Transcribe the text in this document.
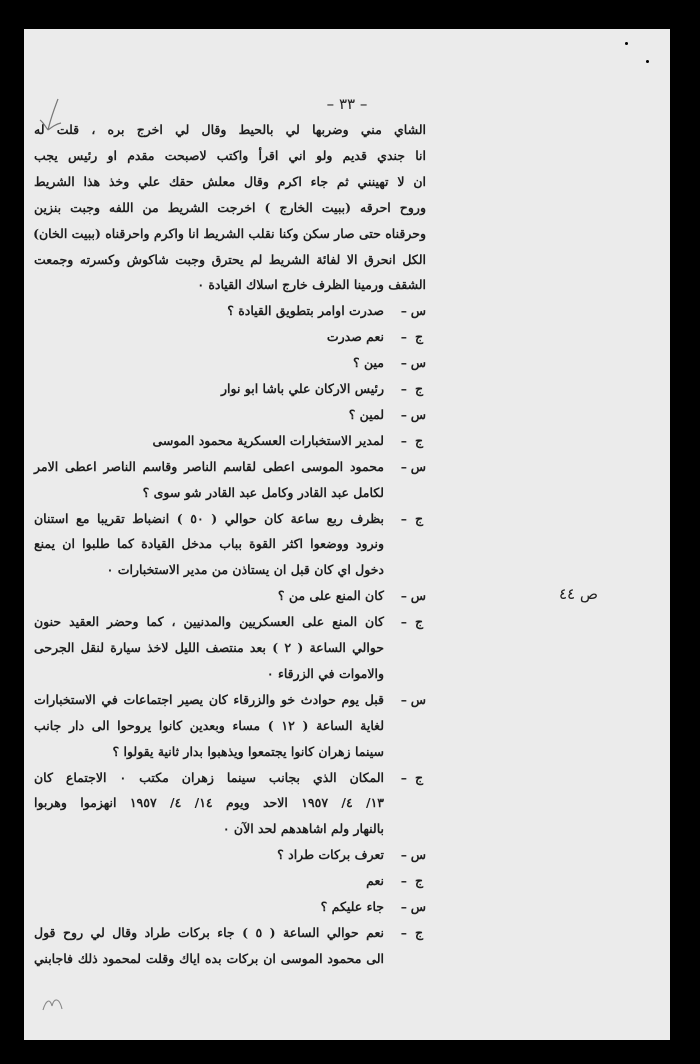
– ٣٣ –
ص ٤٤
الشاي مني وضربها لي بالحيط وقال لي اخرج بره ، قلت له
انا جندي قديم ولو اني اقرأ واكتب لاصبحت مقدم او رئيس يجب
ان لا تهينني ثم جاء اكرم وقال معلش حقك علي وخذ هذا الشريط
وروح احرقه (ببيت الخارج ) اخرجت الشريط من اللفه وجبت بنزين
وحرقناه حتى صار سكن وكنا نقلب الشريط انا واكرم واحرقناه (ببيت الخان)
الكل انحرق الا لفائة الشريط لم يحترق وجبت شاكوش وكسرته وجمعت
الشقف ورمينا الظرف خارج اسلاك القيادة ٠
س
–
صدرت اوامر بتطويق القيادة ؟
ج
–
نعم صدرت
س
–
مين ؟
ج
–
رئيس الاركان علي باشا ابو نوار
س
–
لمين ؟
ج
–
لمدير الاستخبارات العسكرية محمود الموسى
س
–
محمود الموسى اعطى لقاسم الناصر وقاسم الناصر اعطى الامر
لكامل عبد القادر وكامل عبد القادر شو سوى ؟
ج
–
بظرف ربع ساعة كان حوالي ( ٥٠ ) انضباط تقريبا مع استنان
ونرود ووضعوا اكثر القوة بباب مدخل القيادة كما طلبوا ان يمنع
دخول اي كان قبل ان يستاذن من مدير الاستخبارات ٠
س
–
كان المنع على من ؟
ج
–
كان المنع على العسكريين والمدنيين ، كما وحضر العقيد حنون
حوالي الساعة ( ٢ ) بعد منتصف الليل لاخذ سيارة لنقل الجرحى
والاموات في الزرقاء ٠
س
–
قبل يوم حوادث خو والزرقاء كان يصير اجتماعات في الاستخبارات
لغاية الساعة ( ١٢ ) مساء وبعدين كانوا يروحوا الى دار جانب
سينما زهران كانوا يجتمعوا ويذهبوا بدار ثانية يقولوا ؟
ج
–
المكان الذي بجانب سينما زهران مكتب ٠ الاجتماع كان
١٣/ ٤/ ١٩٥٧ الاحد ويوم ١٤/ ٤/ ١٩٥٧ انهزموا وهربوا
بالنهار ولم اشاهدهم لحد الآن ٠
س
–
تعرف بركات طراد ؟
ج
–
نعم
س
–
جاء عليكم ؟
ج
–
نعم حوالي الساعة ( ٥ ) جاء بركات طراد وقال لي روح قول
الى محمود الموسى ان بركات بده اياك وقلت لمحمود ذلك فاجابني
